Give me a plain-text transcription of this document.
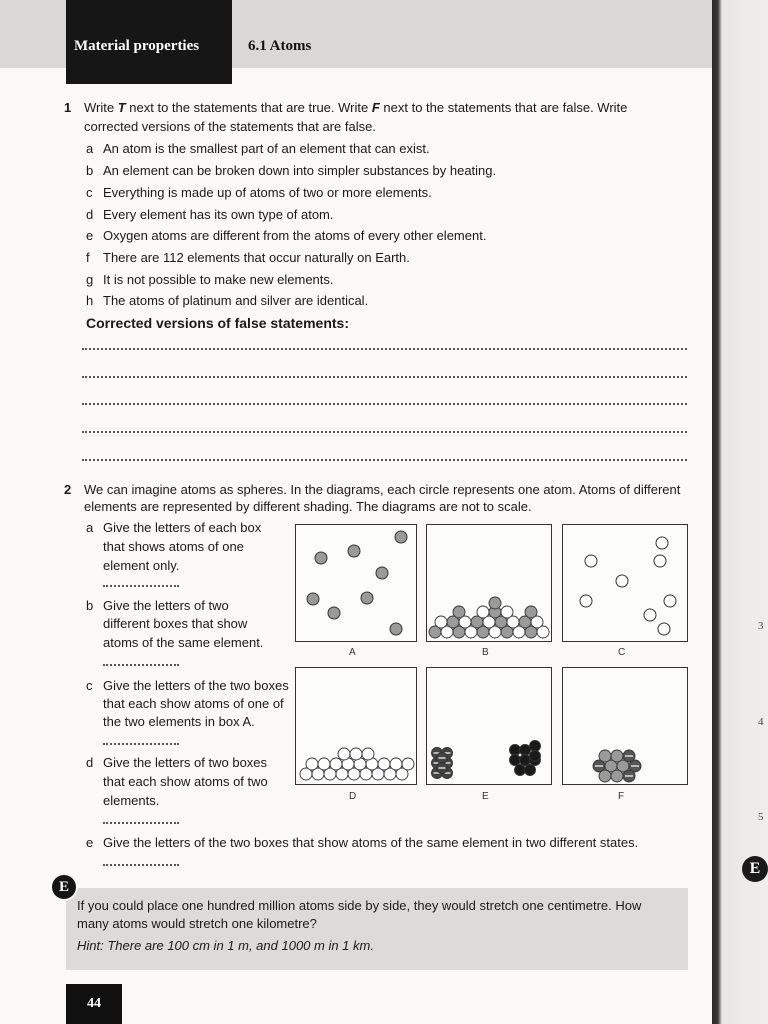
Material properties	6.1 Atoms
1 Write T next to the statements that are true. Write F next to the statements that are false. Write
corrected versions of the statements that are false.
a An atom is the smallest part of an element that can exist.
b An element can be broken down into simpler substances by heating.
c Everything is made up of atoms of two or more elements.
d Every element has its own type of atom.
e Oxygen atoms are different from the atoms of every other element.
f	There are 112 elements that occur naturally on Earth.
g It is not possible to make new elements.
h The atoms of platinum and silver are identical.
Corrected versions of false statements:
2 We can imagine atoms as spheres. In the diagrams, each circle represents one atom. Atoms of different
elements are represented by different shading. The diagrams are not to scale.
a Give the letters of each box
that shows atoms of one
element only.
b Give the letters of two
different boxes that show
atoms of the same element.
c Give the letters of the two boxes
that each show atoms of one of
the two elements in box A.
d Give the letters of two boxes
that each show atoms of two
elements.
e Give the letters of the two boxes that show atoms of the same element in two different states.
A	B	C
D	E	F
E
If you could place one hundred million atoms side by side, they would stretch one centimetre. How
many atoms would stretch one kilometre?
Hint: There are 100 cm in 1 m, and 1000 m in 1 km.
44
3
4
5
E
